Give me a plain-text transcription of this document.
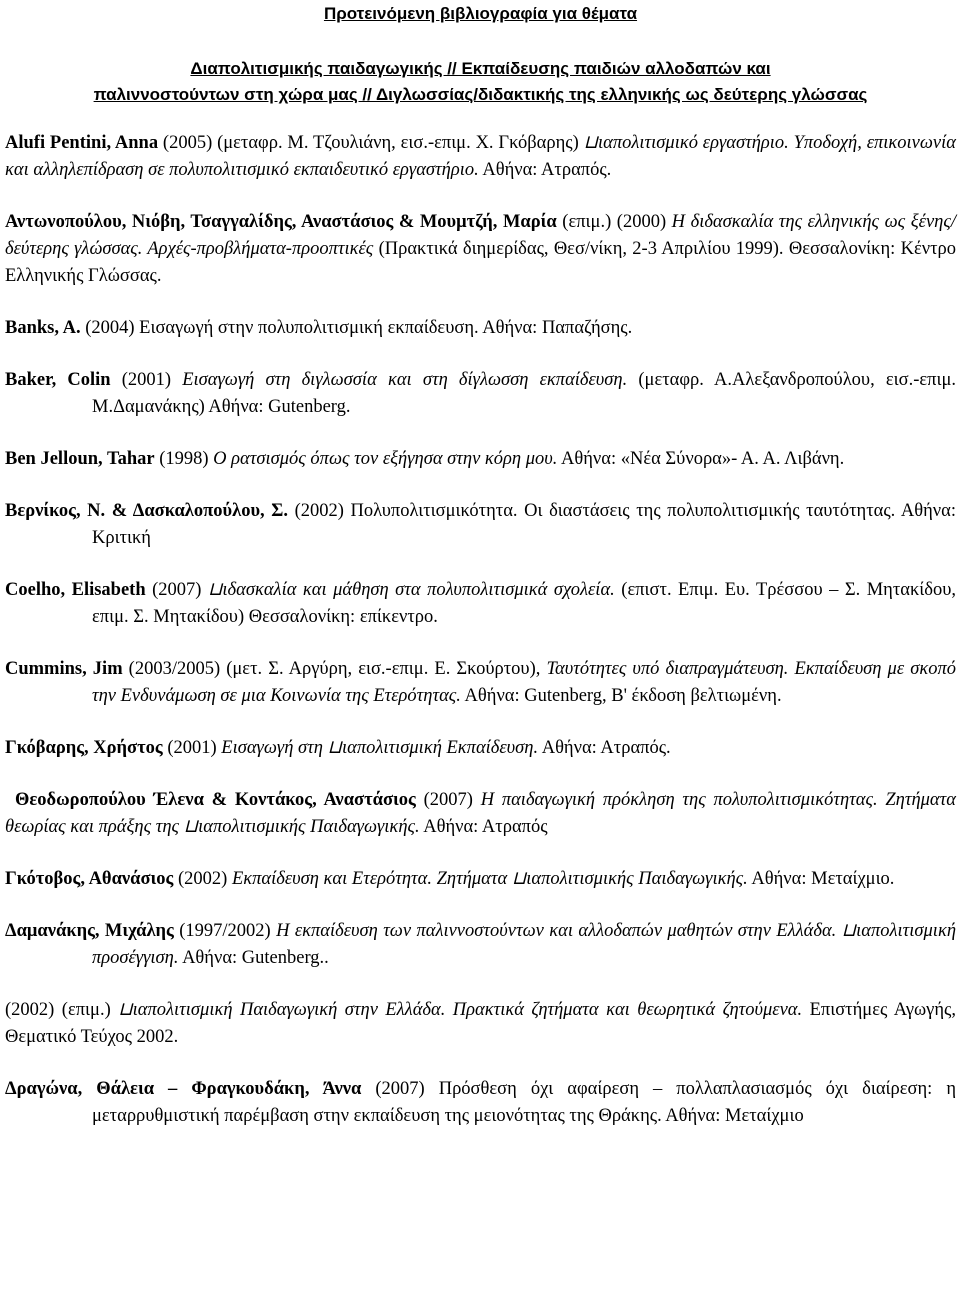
Προτεινόμενη βιβλιογραφία για θέματα
Διαπολιτισμικής παιδαγωγικής // Εκπαίδευσης παιδιών αλλοδαπών και
παλιννοστούντων στη χώρα μας // Διγλωσσίας/διδακτικής της ελληνικής ως δεύτερης γλώσσας

Alufi Pentini, Anna (2005) (μεταφρ. Μ. Τζουλιάνη, εισ.-επιμ. Χ. Γκόβαρης) ⊔ιαπολιτισμικό εργαστήριο. Υποδοχή, επικοινωνία και αλληλεπίδραση σε πολυπολιτισμικό εκπαιδευτικό εργαστήριο. Αθήνα: Ατραπός.

Αντωνοπούλου, Νιόβη, Τσαγγαλίδης, Αναστάσιος & Μουμτζή, Μαρία (επιμ.) (2000) Η διδασκαλία της ελληνικής ως ξένης/δεύτερης γλώσσας. Αρχές-προβλήματα-προοπτικές (Πρακτικά διημερίδας, Θεσ/νίκη, 2-3 Απριλίου 1999). Θεσσαλονίκη: Κέντρο Ελληνικής Γλώσσας.

Banks, A. (2004) Εισαγωγή στην πολυπολιτισμική εκπαίδευση. Αθήνα: Παπαζήσης.

Baker, Colin (2001) Εισαγωγή στη διγλωσσία και στη δίγλωσση εκπαίδευση. (μεταφρ. Α.Αλεξανδροπούλου, εισ.-επιμ. Μ.Δαμανάκης) Αθήνα: Gutenberg.

Ben Jelloun, Tahar (1998) Ο ρατσισμός όπως τον εξήγησα στην κόρη μου. Αθήνα: «Νέα Σύνορα»- Α. Α. Λιβάνη.

Βερνίκος, Ν. & Δασκαλοπούλου, Σ. (2002) Πολυπολιτισμικότητα. Οι διαστάσεις της πολυπολιτισμικής ταυτότητας. Αθήνα: Κριτική

Coelho, Elisabeth (2007) ⊔ιδασκαλία και μάθηση στα πολυπολιτισμικά σχολεία. (επιστ. Επιμ. Ευ. Τρέσσου – Σ. Μητακίδου, επιμ. Σ. Μητακίδου) Θεσσαλονίκη: επίκεντρο.

Cummins, Jim (2003/2005) (μετ. Σ. Αργύρη, εισ.-επιμ. Ε. Σκούρτου), Ταυτότητες υπό διαπραγμάτευση. Εκπαίδευση με σκοπό την Ενδυνάμωση σε μια Κοινωνία της Ετερότητας. Αθήνα: Gutenberg, Β' έκδοση βελτιωμένη.

Γκόβαρης, Χρήστος (2001) Εισαγωγή στη ⊔ιαπολιτισμική Εκπαίδευση. Αθήνα: Ατραπός.

Θεοδωροπούλου Έλενα & Κοντάκος, Αναστάσιος (2007) Η παιδαγωγική πρόκληση της πολυπολιτισμικότητας. Ζητήματα θεωρίας και πράξης της ⊔ιαπολιτισμικής Παιδαγωγικής. Αθήνα: Ατραπός

Γκότοβος, Αθανάσιος (2002) Εκπαίδευση και Ετερότητα. Ζητήματα ⊔ιαπολιτισμικής Παιδαγωγικής. Αθήνα: Μεταίχμιο.

Δαμανάκης, Μιχάλης (1997/2002) Η εκπαίδευση των παλιννοστούντων και αλλοδαπών μαθητών στην Ελλάδα. ⊔ιαπολιτισμική προσέγγιση. Αθήνα: Gutenberg..

(2002) (επιμ.) ⊔ιαπολιτισμική Παιδαγωγική στην Ελλάδα. Πρακτικά ζητήματα και θεωρητικά ζητούμενα. Επιστήμες Αγωγής, Θεματικό Τεύχος 2002.

Δραγώνα, Θάλεια – Φραγκουδάκη, Άννα (2007) Πρόσθεση όχι αφαίρεση – πολλαπλασιασμός όχι διαίρεση: η μεταρρυθμιστική παρέμβαση στην εκπαίδευση της μειονότητας της Θράκης. Αθήνα: Μεταίχμιο
